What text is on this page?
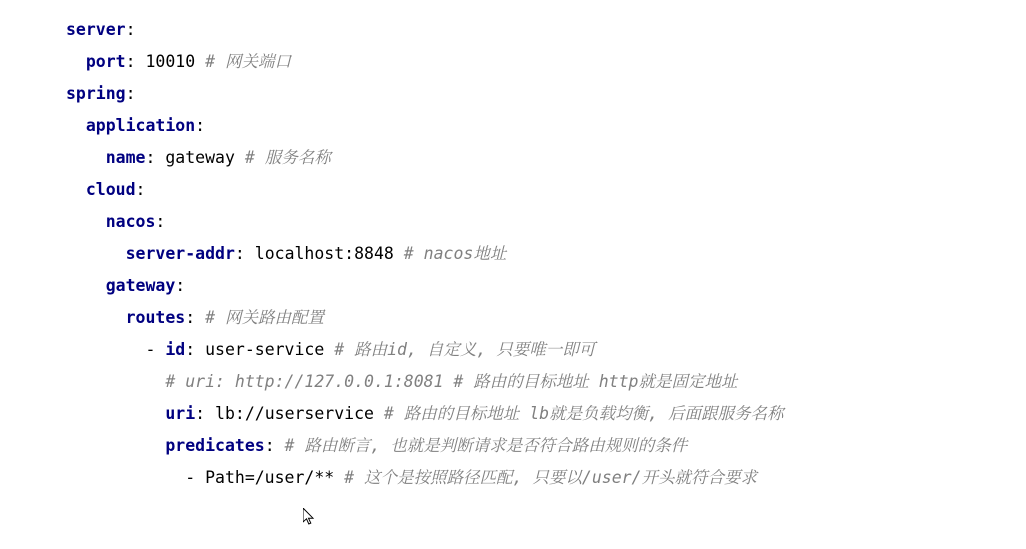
server:
port: 10010 # 网关端口
spring:
application:
name: gateway # 服务名称
cloud:
nacos:
server-addr: localhost:8848 # nacos地址
gateway:
routes: # 网关路由配置
- id: user-service # 路由id, 自定义, 只要唯一即可
# uri: http://127.0.0.1:8081 # 路由的目标地址 http就是固定地址
uri: lb://userservice # 路由的目标地址 lb就是负载均衡, 后面跟服务名称
predicates: # 路由断言, 也就是判断请求是否符合路由规则的条件
- Path=/user/** # 这个是按照路径匹配, 只要以/user/开头就符合要求
